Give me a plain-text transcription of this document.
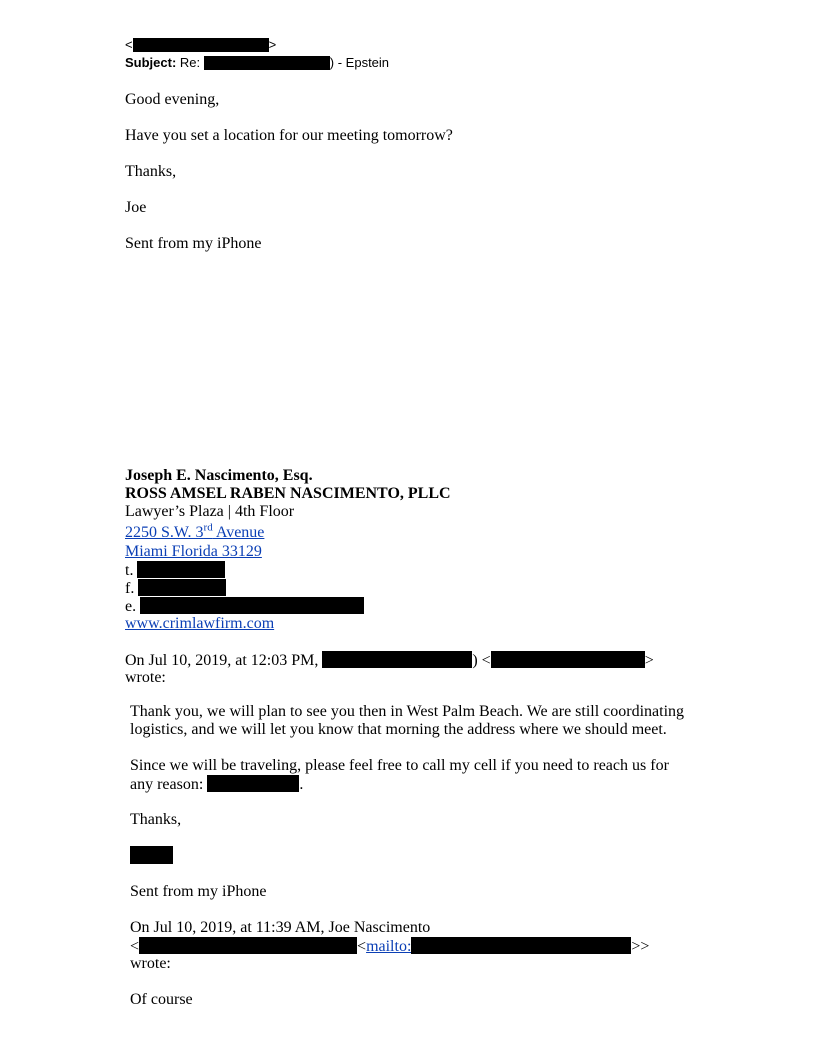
<	>
Subject: Re:	) - Epstein
Good evening,
Have you set a location for our meeting tomorrow?
Thanks,
Joe
Sent from my iPhone
Joseph E. Nascimento, Esq.
ROSS AMSEL RABEN NASCIMENTO, PLLC
Lawyer’s Plaza | 4th Floor
2250 S.W. 3rd Avenue
Miami Florida 33129
t.
f.
e.
www.crimlawfirm.com
On Jul 10, 2019, at 12:03 PM,	) <	>
wrote:
Thank you, we will plan to see you then in West Palm Beach. We are still coordinating
logistics, and we will let you know that morning the address where we should meet.
Since we will be traveling, please feel free to call my cell if you need to reach us for
any reason:	.
Thanks,
Sent from my iPhone
On Jul 10, 2019, at 11:39 AM, Joe Nascimento
<	<mailto:	>>
wrote:
Of course
